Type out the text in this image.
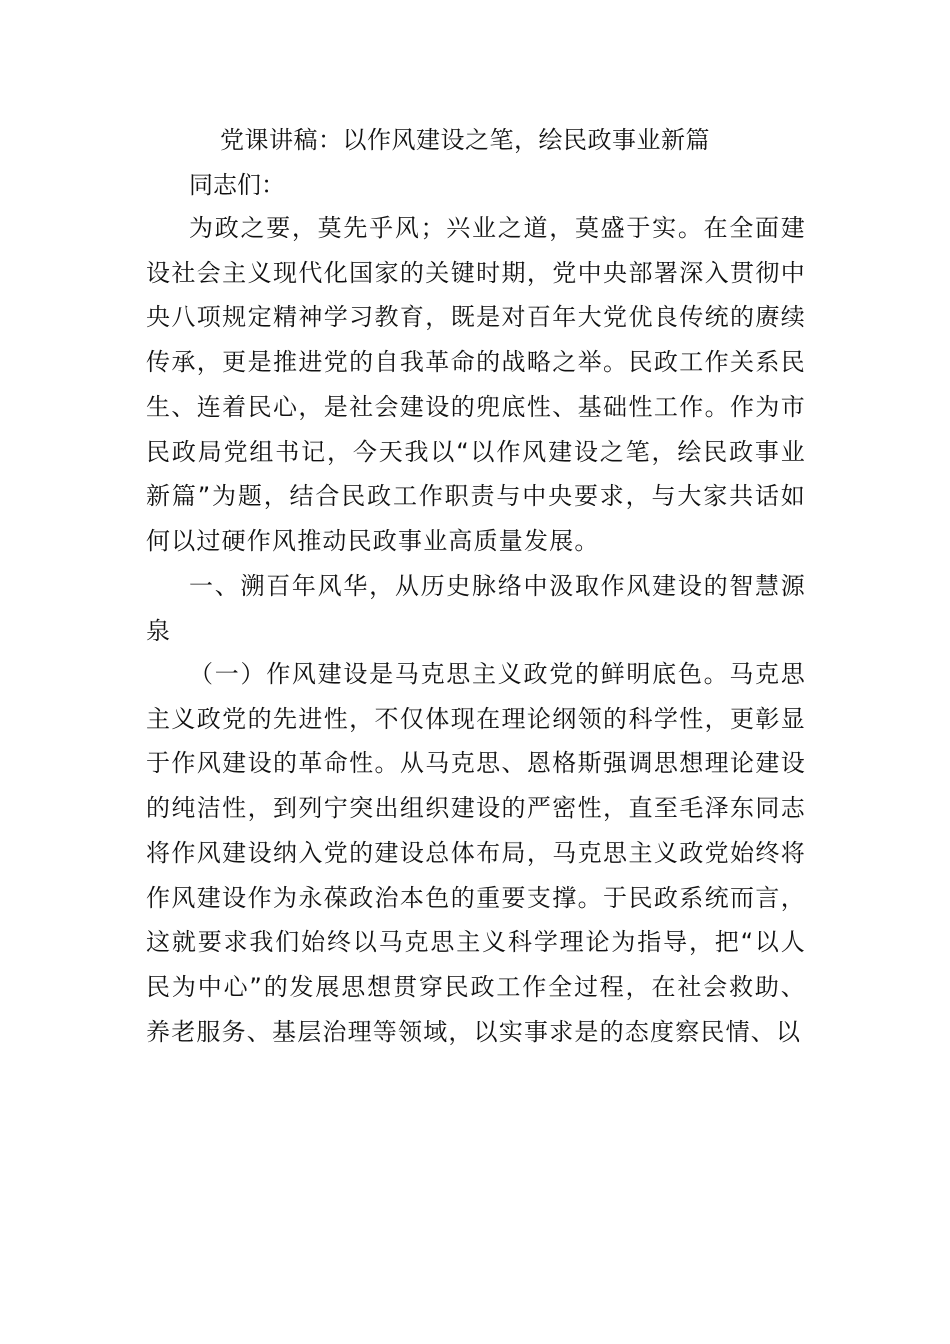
党课讲稿：以作风建设之笔，绘民政事业新篇
同志们：
为政之要，莫先乎风；兴业之道，莫盛于实。在全面建设社会主义现代化国家的关键时期，党中央部署深入贯彻中央八项规定精神学习教育，既是对百年大党优良传统的赓续传承，更是推进党的自我革命的战略之举。民政工作关系民生、连着民心，是社会建设的兜底性、基础性工作。作为市民政局党组书记，今天我以“以作风建设之笔，绘民政事业新篇”为题，结合民政工作职责与中央要求，与大家共话如何以过硬作风推动民政事业高质量发展。
一、溯百年风华，从历史脉络中汲取作风建设的智慧源泉
（一）作风建设是马克思主义政党的鲜明底色。马克思主义政党的先进性，不仅体现在理论纲领的科学性，更彰显于作风建设的革命性。从马克思、恩格斯强调思想理论建设的纯洁性，到列宁突出组织建设的严密性，直至毛泽东同志将作风建设纳入党的建设总体布局，马克思主义政党始终将作风建设作为永葆政治本色的重要支撑。于民政系统而言，这就要求我们始终以马克思主义科学理论为指导，把“以人民为中心”的发展思想贯穿民政工作全过程，在社会救助、养老服务、基层治理等领域，以实事求是的态度察民情、以
